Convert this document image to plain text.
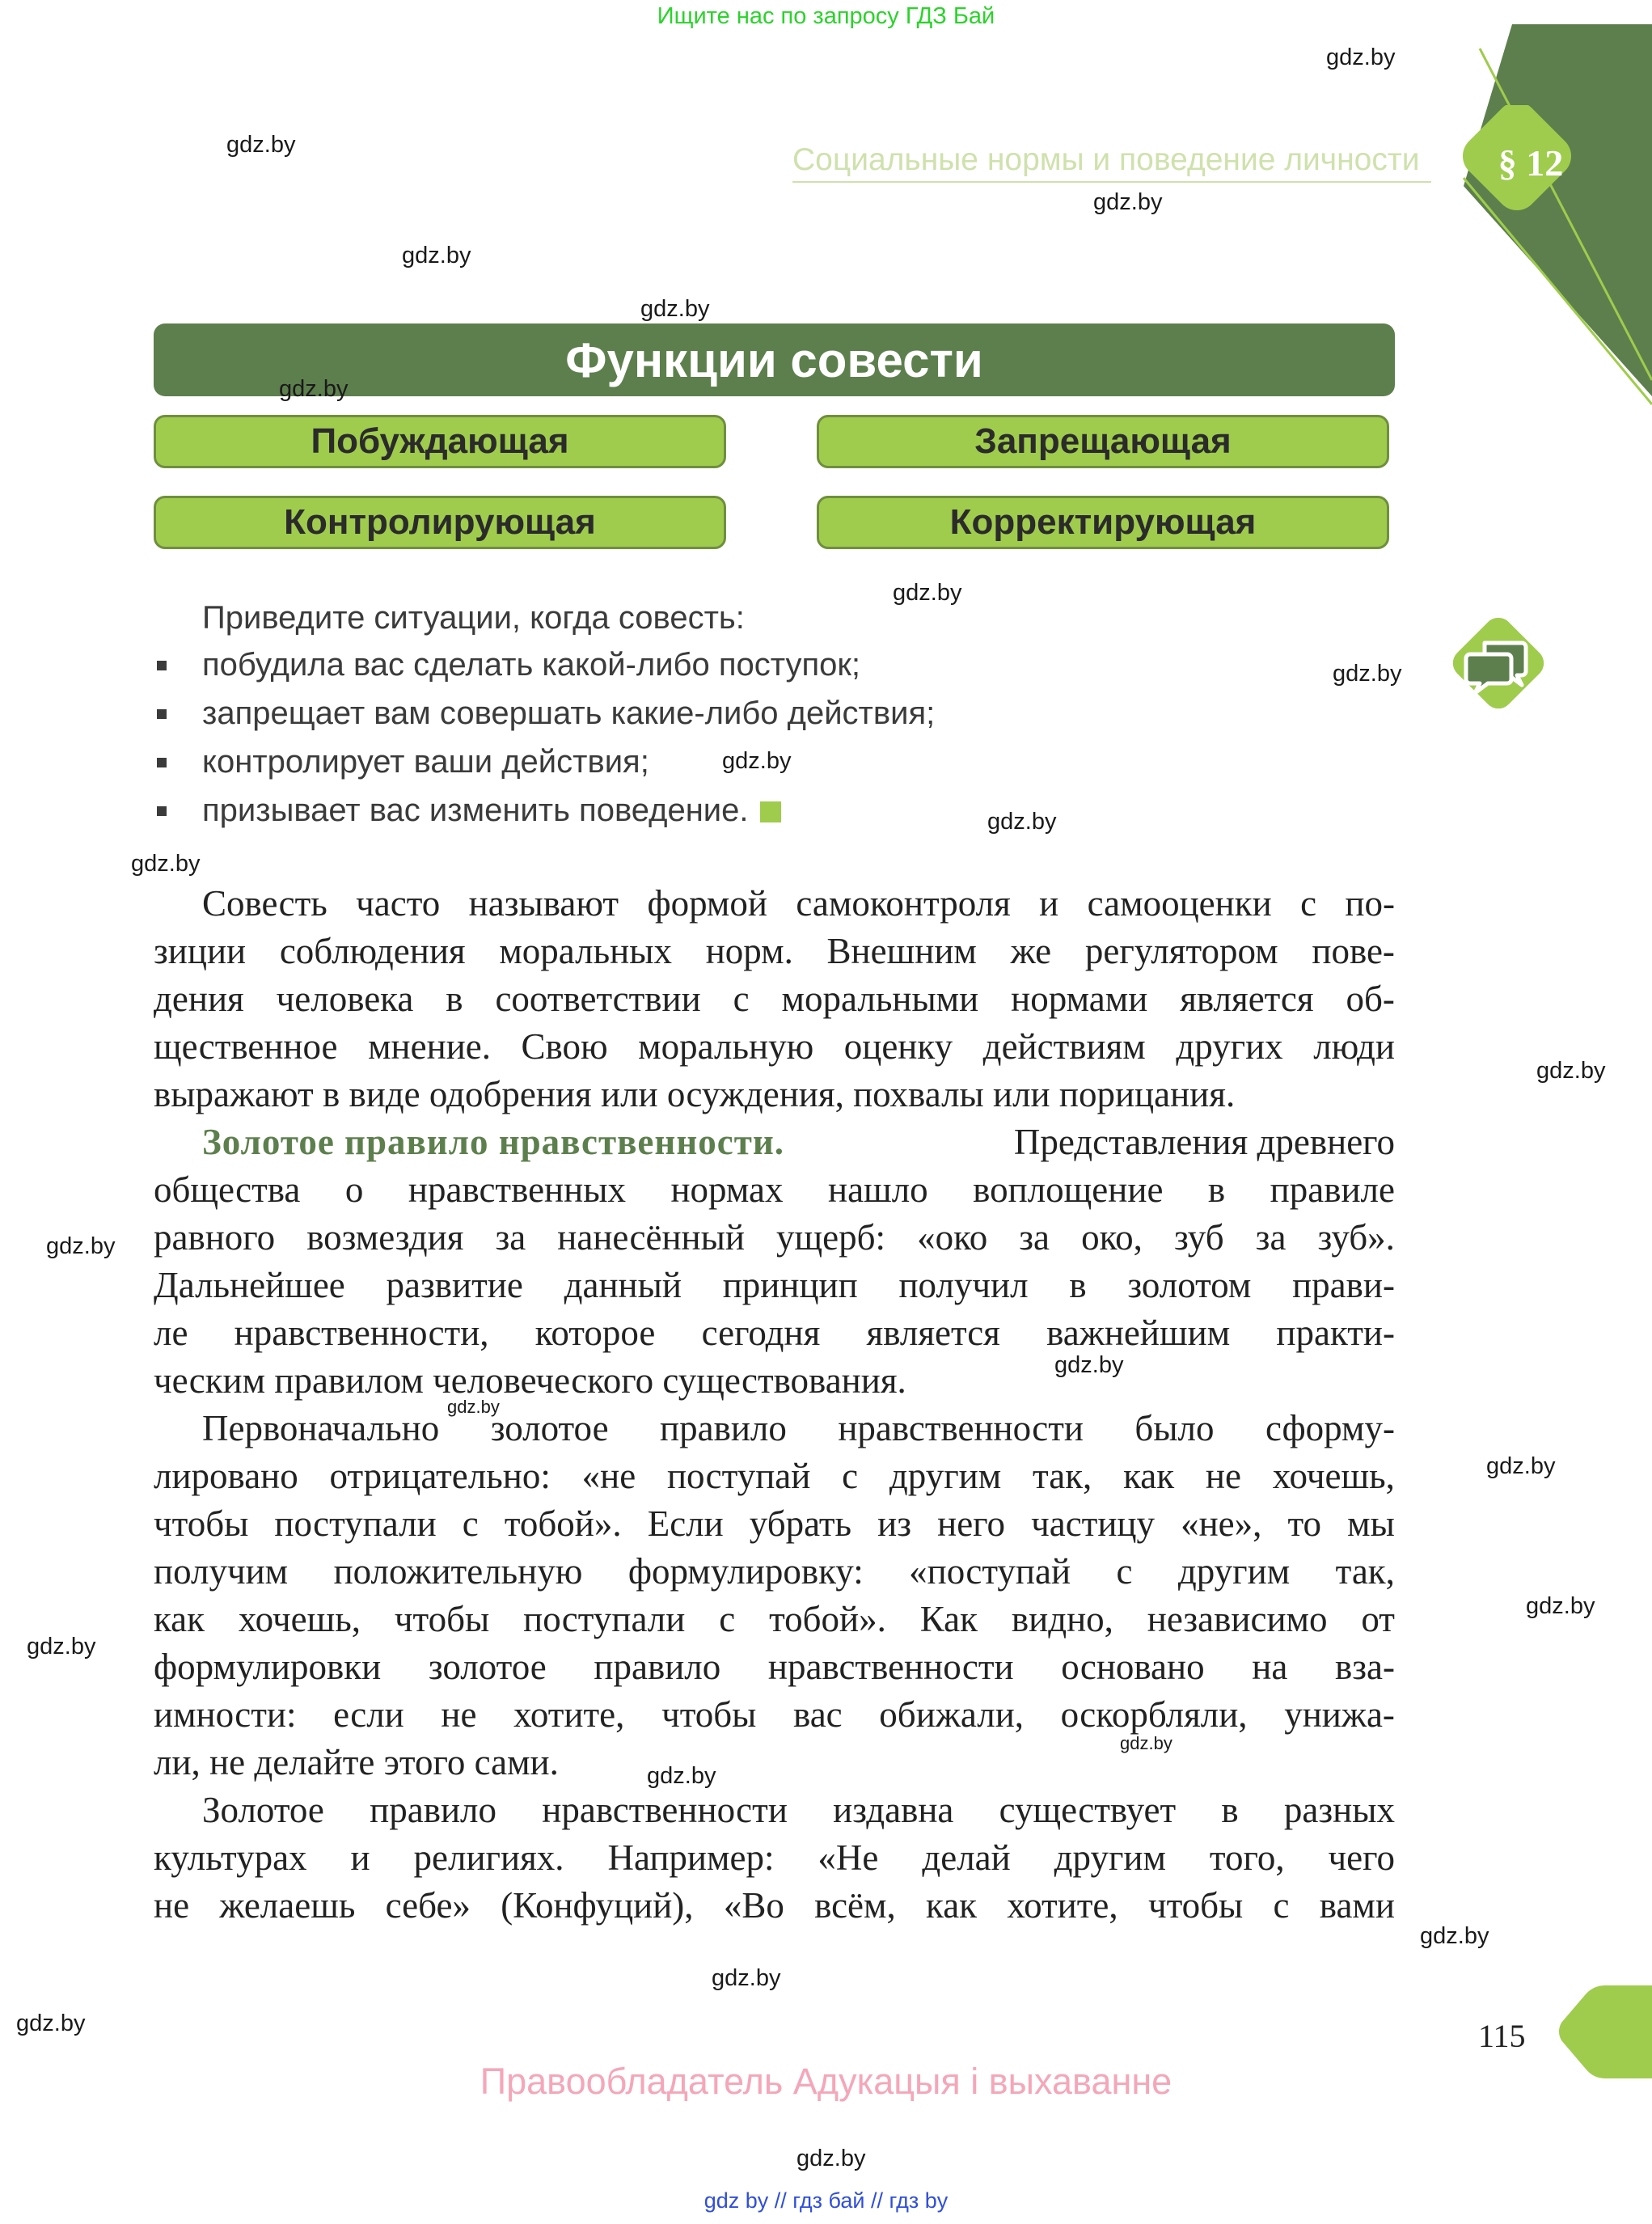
Ищите нас по запросу ГДЗ Бай
§ 12
Социальные нормы и поведение личности
Функции совести
Побуждающая	Запрещающая
Контролирующая	Корректирующая
Приведите ситуации, когда совесть:
побудила вас сделать какой-либо поступок;
запрещает вам совершать какие-либо действия;
контролирует ваши действия;
призывает вас изменить поведение.
Совесть часто называют формой самоконтроля и самооценки с по-
зиции соблюдения моральных норм. Внешним же регулятором пове-
дения человека в соответствии с моральными нормами является об-
щественное мнение. Свою моральную оценку действиям других люди
выражают в виде одобрения или осуждения, похвалы или порицания.
Золотое правило нравственности.	Представления древнего
общества о нравственных нормах нашло воплощение в правиле
равного возмездия за нанесённый ущерб: «око за око, зуб за зуб».
Дальнейшее развитие данный принцип получил в золотом прави-
ле нравственности, которое сегодня является важнейшим практи-
ческим правилом человеческого существования.
Первоначально золотое правило нравственности было сформу-
лировано отрицательно: «не поступай с другим так, как не хочешь,
чтобы поступали с тобой». Если убрать из него частицу «не», то мы
получим положительную формулировку: «поступай с другим так,
как хочешь, чтобы поступали с тобой». Как видно, независимо от
формулировки золотое правило нравственности основано на вза-
имности: если не хотите, чтобы вас обижали, оскорбляли, унижа-
ли, не делайте этого сами.
Золотое правило нравственности издавна существует в разных
культурах и религиях. Например: «Не делай другим того, чего
не желаешь себе» (Конфуций), «Во всём, как хотите, чтобы с вами
gdz.by
gdz.by
gdz.by
gdz.by
gdz.by
gdz.by
gdz.by
gdz.by
gdz.by
gdz.by
gdz.by
gdz.by
gdz.by
gdz.by
gdz.by
gdz.by
gdz.by
gdz.by
gdz.by
gdz.by
gdz.by
gdz.by
gdz.by
gdz.by
115
Правообладатель Адукацыя і выхаванне
gdz by // гдз бай // гдз by
